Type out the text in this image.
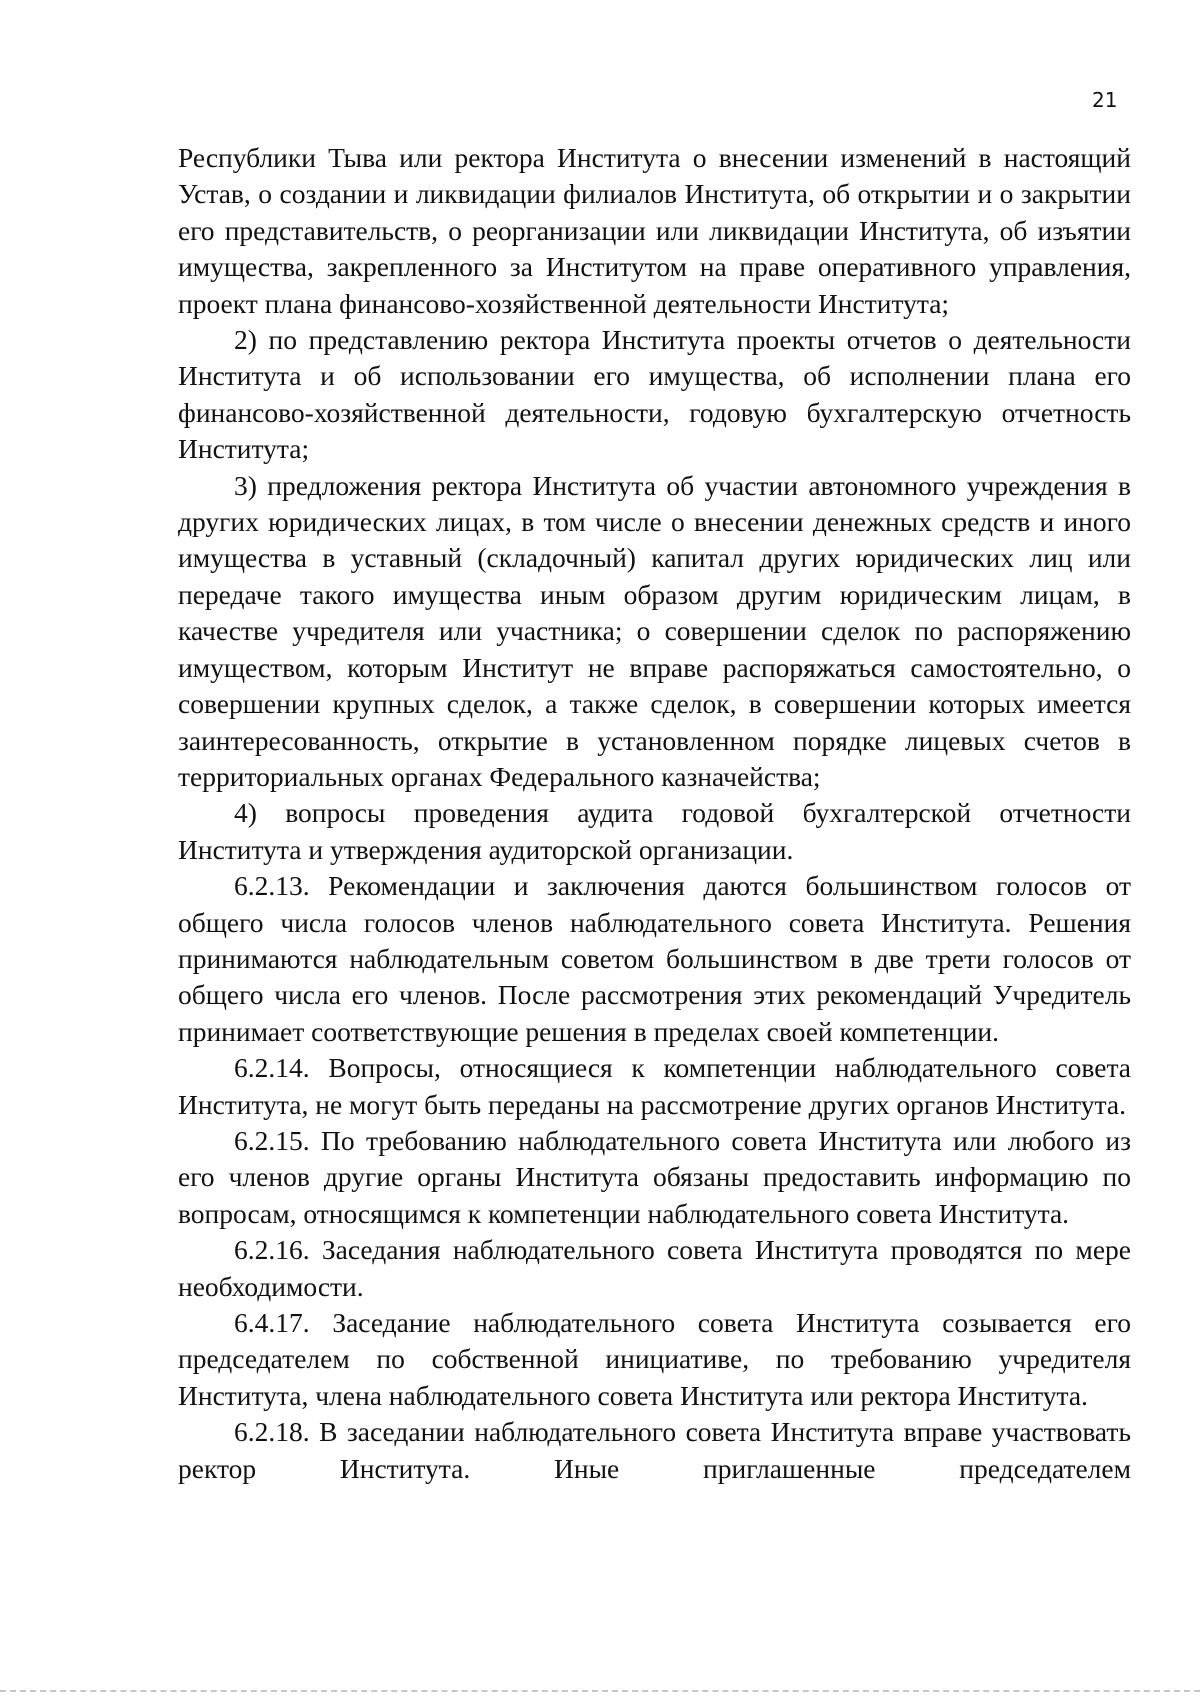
21

Республики Тыва или ректора Института о внесении изменений в настоящий Устав, о создании и ликвидации филиалов Института, об открытии и о закрытии его представительств, о реорганизации или ликвидации Института, об изъятии имущества, закрепленного за Институтом на праве оперативного управления, проект плана финансово-хозяйственной деятельности Института;

2) по представлению ректора Института проекты отчетов о деятельности Института и об использовании его имущества, об исполнении плана его финансово-хозяйственной деятельности, годовую бухгалтерскую отчетность Института;

3) предложения ректора Института об участии автономного учреждения в других юридических лицах, в том числе о внесении денежных средств и иного имущества в уставный (складочный) капитал других юридических лиц или передаче такого имущества иным образом другим юридическим лицам, в качестве учредителя или участника; о совершении сделок по распоряжению имуществом, которым Институт не вправе распоряжаться самостоятельно, о совершении крупных сделок, а также сделок, в совершении которых имеется заинтересованность, открытие в установленном порядке лицевых счетов в территориальных органах Федерального казначейства;

4) вопросы проведения аудита годовой бухгалтерской отчетности Института и утверждения аудиторской организации.

6.2.13. Рекомендации и заключения даются большинством голосов от общего числа голосов членов наблюдательного совета Института. Решения принимаются наблюдательным советом большинством в две трети голосов от общего числа его членов. После рассмотрения этих рекомендаций Учредитель принимает соответствующие решения в пределах своей компетенции.

6.2.14. Вопросы, относящиеся к компетенции наблюдательного совета Института, не могут быть переданы на рассмотрение других органов Института.

6.2.15. По требованию наблюдательного совета Института или любого из его членов другие органы Института обязаны предоставить информацию по вопросам, относящимся к компетенции наблюдательного совета Института.

6.2.16. Заседания наблюдательного совета Института проводятся по мере необходимости.

6.4.17. Заседание наблюдательного совета Института созывается его председателем по собственной инициативе, по требованию учредителя Института, члена наблюдательного совета Института или ректора Института.

6.2.18. В заседании наблюдательного совета Института вправе участвовать ректор Института. Иные приглашенные председателем
